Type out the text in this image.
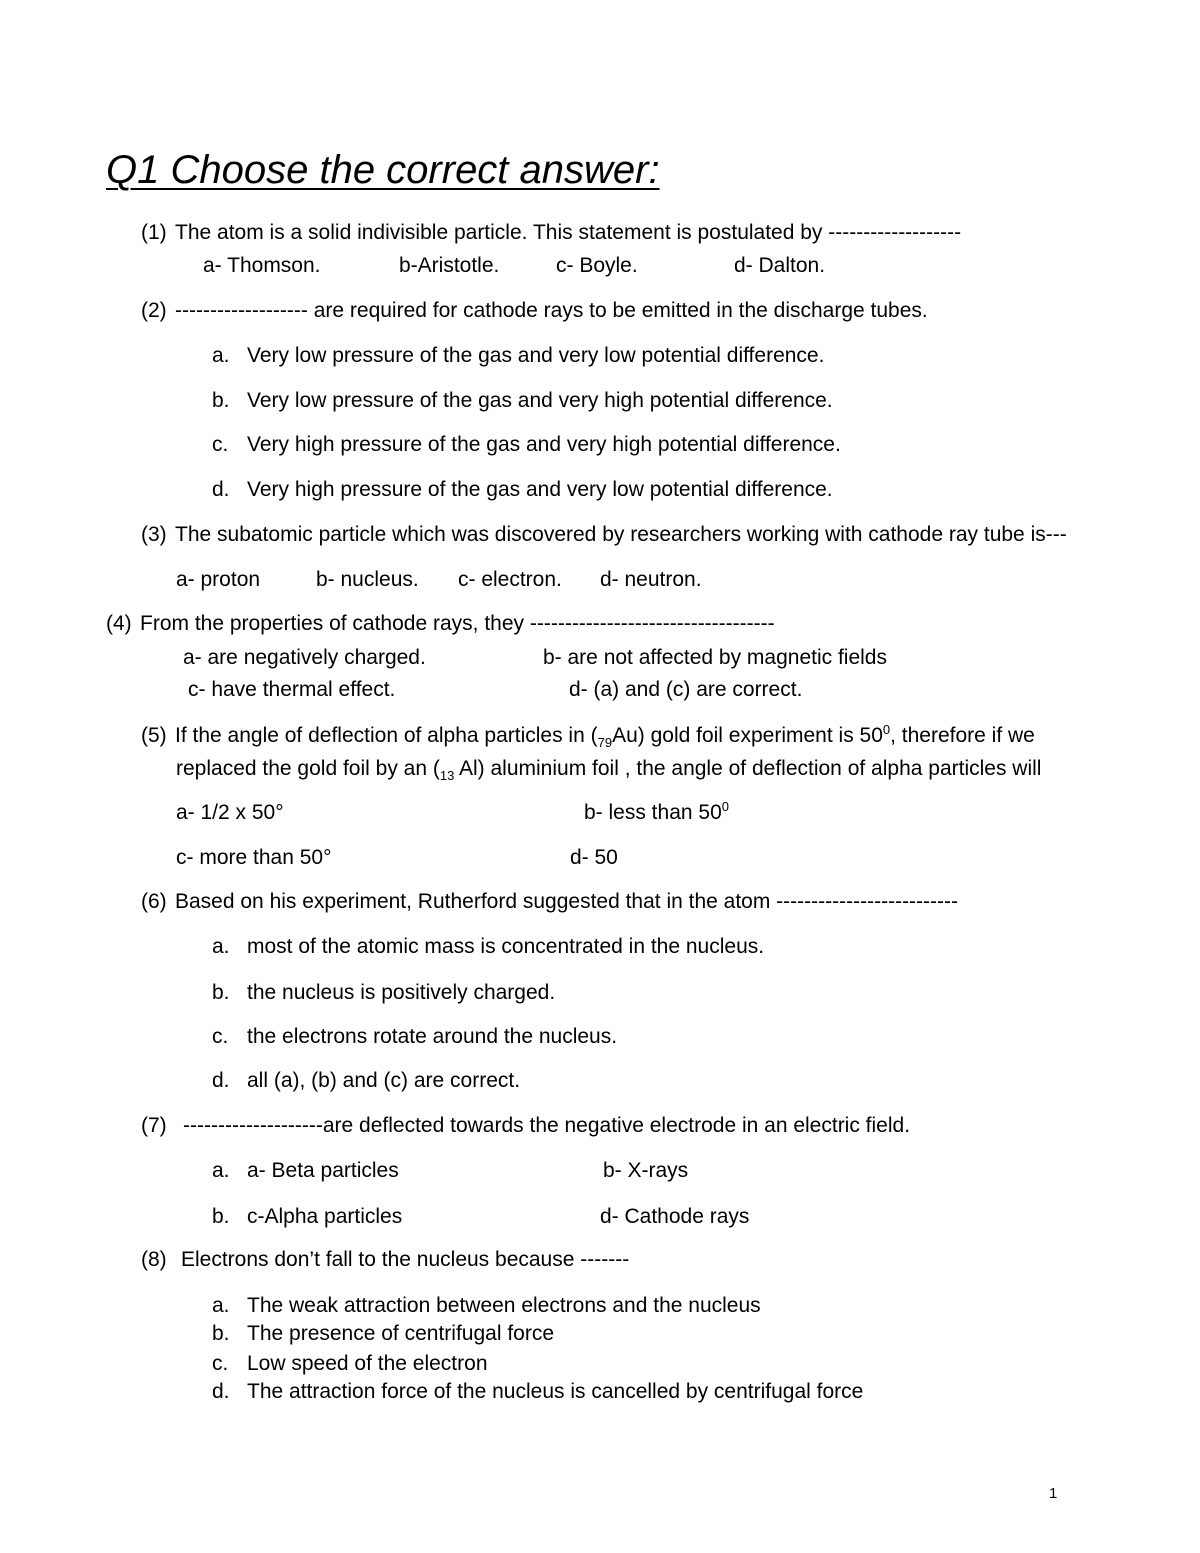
Q1 Choose the correct answer:
(1) The atom is a solid indivisible particle. This statement is postulated by -------------------
a- Thomson.	b-Aristotle.	c- Boyle.	d- Dalton.
(2) ------------------- are required for cathode rays to be emitted in the discharge tubes.
a. Very low pressure of the gas and very low potential difference.
b. Very low pressure of the gas and very high potential difference.
c. Very high pressure of the gas and very high potential difference.
d. Very high pressure of the gas and very low potential difference.
(3) The subatomic particle which was discovered by researchers working with cathode ray tube is---
a- proton	b- nucleus. c- electron. d- neutron.
(4) From the properties of cathode rays, they -----------------------------------
a- are negatively charged.	b- are not affected by magnetic fields
c- have thermal effect.	d- (a) and (c) are correct.
(5) If the angle of deflection of alpha particles in $(_{79}Au)$ gold foil experiment is $50^0$, therefore if we
replaced the gold foil by an ($_{13}$ Al) aluminium foil , the angle of deflection of alpha particles will
a- 1/2 x 50°	b- less than $50^0$
c- more than 50°	d- 50
(6) Based on his experiment, Rutherford suggested that in the atom --------------------------
a. most of the atomic mass is concentrated in the nucleus.
b. the nucleus is positively charged.
c. the electrons rotate around the nucleus.
d. all (a), (b) and (c) are correct.
(7) --------------------are deflected towards the negative electrode in an electric field.
a. a- Beta particles	b- X-rays
b. c-Alpha particles	d- Cathode rays
(8) Electrons don’t fall to the nucleus because -------
a. The weak attraction between electrons and the nucleus
b. The presence of centrifugal force
c. Low speed of the electron
d. The attraction force of the nucleus is cancelled by centrifugal force
1
